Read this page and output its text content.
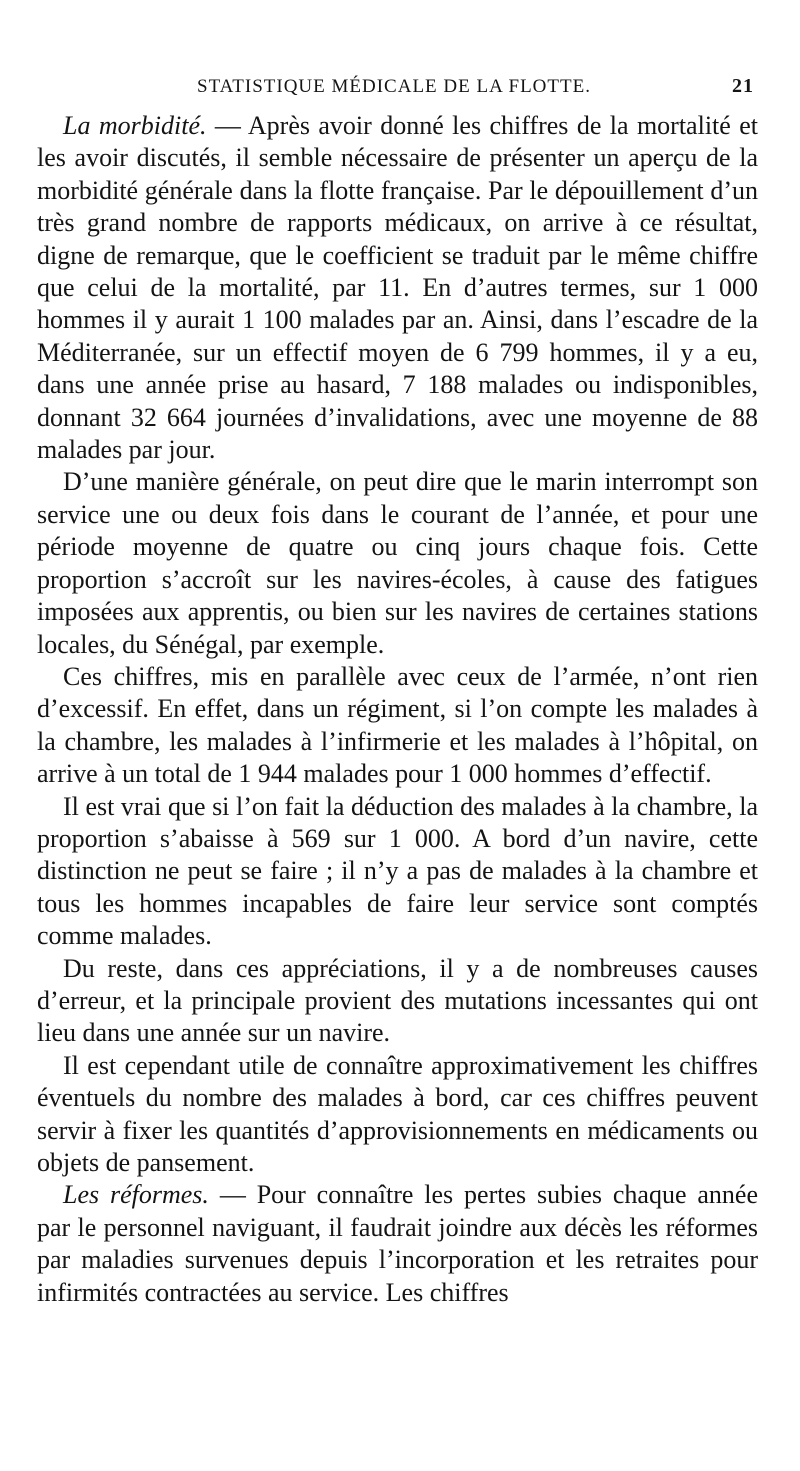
STATISTIQUE MÉDICALE DE LA FLOTTE.	21

La morbidité. — Après avoir donné les chiffres de la mortalité et les avoir discutés, il semble nécessaire de présenter un aperçu de la morbidité générale dans la flotte française. Par le dépouillement d’un très grand nombre de rapports médicaux, on arrive à ce résultat, digne de remarque, que le coefficient se traduit par le même chiffre que celui de la mortalité, par 11. En d’autres termes, sur 1 000 hommes il y aurait 1 100 malades par an. Ainsi, dans l’escadre de la Méditerranée, sur un effectif moyen de 6 799 hommes, il y a eu, dans une année prise au hasard, 7 188 malades ou indisponibles, donnant 32 664 journées d’invalidations, avec une moyenne de 88 malades par jour.

D’une manière générale, on peut dire que le marin interrompt son service une ou deux fois dans le courant de l’année, et pour une période moyenne de quatre ou cinq jours chaque fois. Cette proportion s’accroît sur les navires-écoles, à cause des fatigues imposées aux apprentis, ou bien sur les navires de certaines stations locales, du Sénégal, par exemple.

Ces chiffres, mis en parallèle avec ceux de l’armée, n’ont rien d’excessif. En effet, dans un régiment, si l’on compte les malades à la chambre, les malades à l’infirmerie et les malades à l’hôpital, on arrive à un total de 1 944 malades pour 1 000 hommes d’effectif.

Il est vrai que si l’on fait la déduction des malades à la chambre, la proportion s’abaisse à 569 sur 1 000. A bord d’un navire, cette distinction ne peut se faire ; il n’y a pas de malades à la chambre et tous les hommes incapables de faire leur service sont comptés comme malades.

Du reste, dans ces appréciations, il y a de nombreuses causes d’erreur, et la principale provient des mutations incessantes qui ont lieu dans une année sur un navire.

Il est cependant utile de connaître approximativement les chiffres éventuels du nombre des malades à bord, car ces chiffres peuvent servir à fixer les quantités d’approvisionnements en médicaments ou objets de pansement.

Les réformes. — Pour connaître les pertes subies chaque année par le personnel naviguant, il faudrait joindre aux décès les réformes par maladies survenues depuis l’incorporation et les retraites pour infirmités contractées au service. Les chiffres
